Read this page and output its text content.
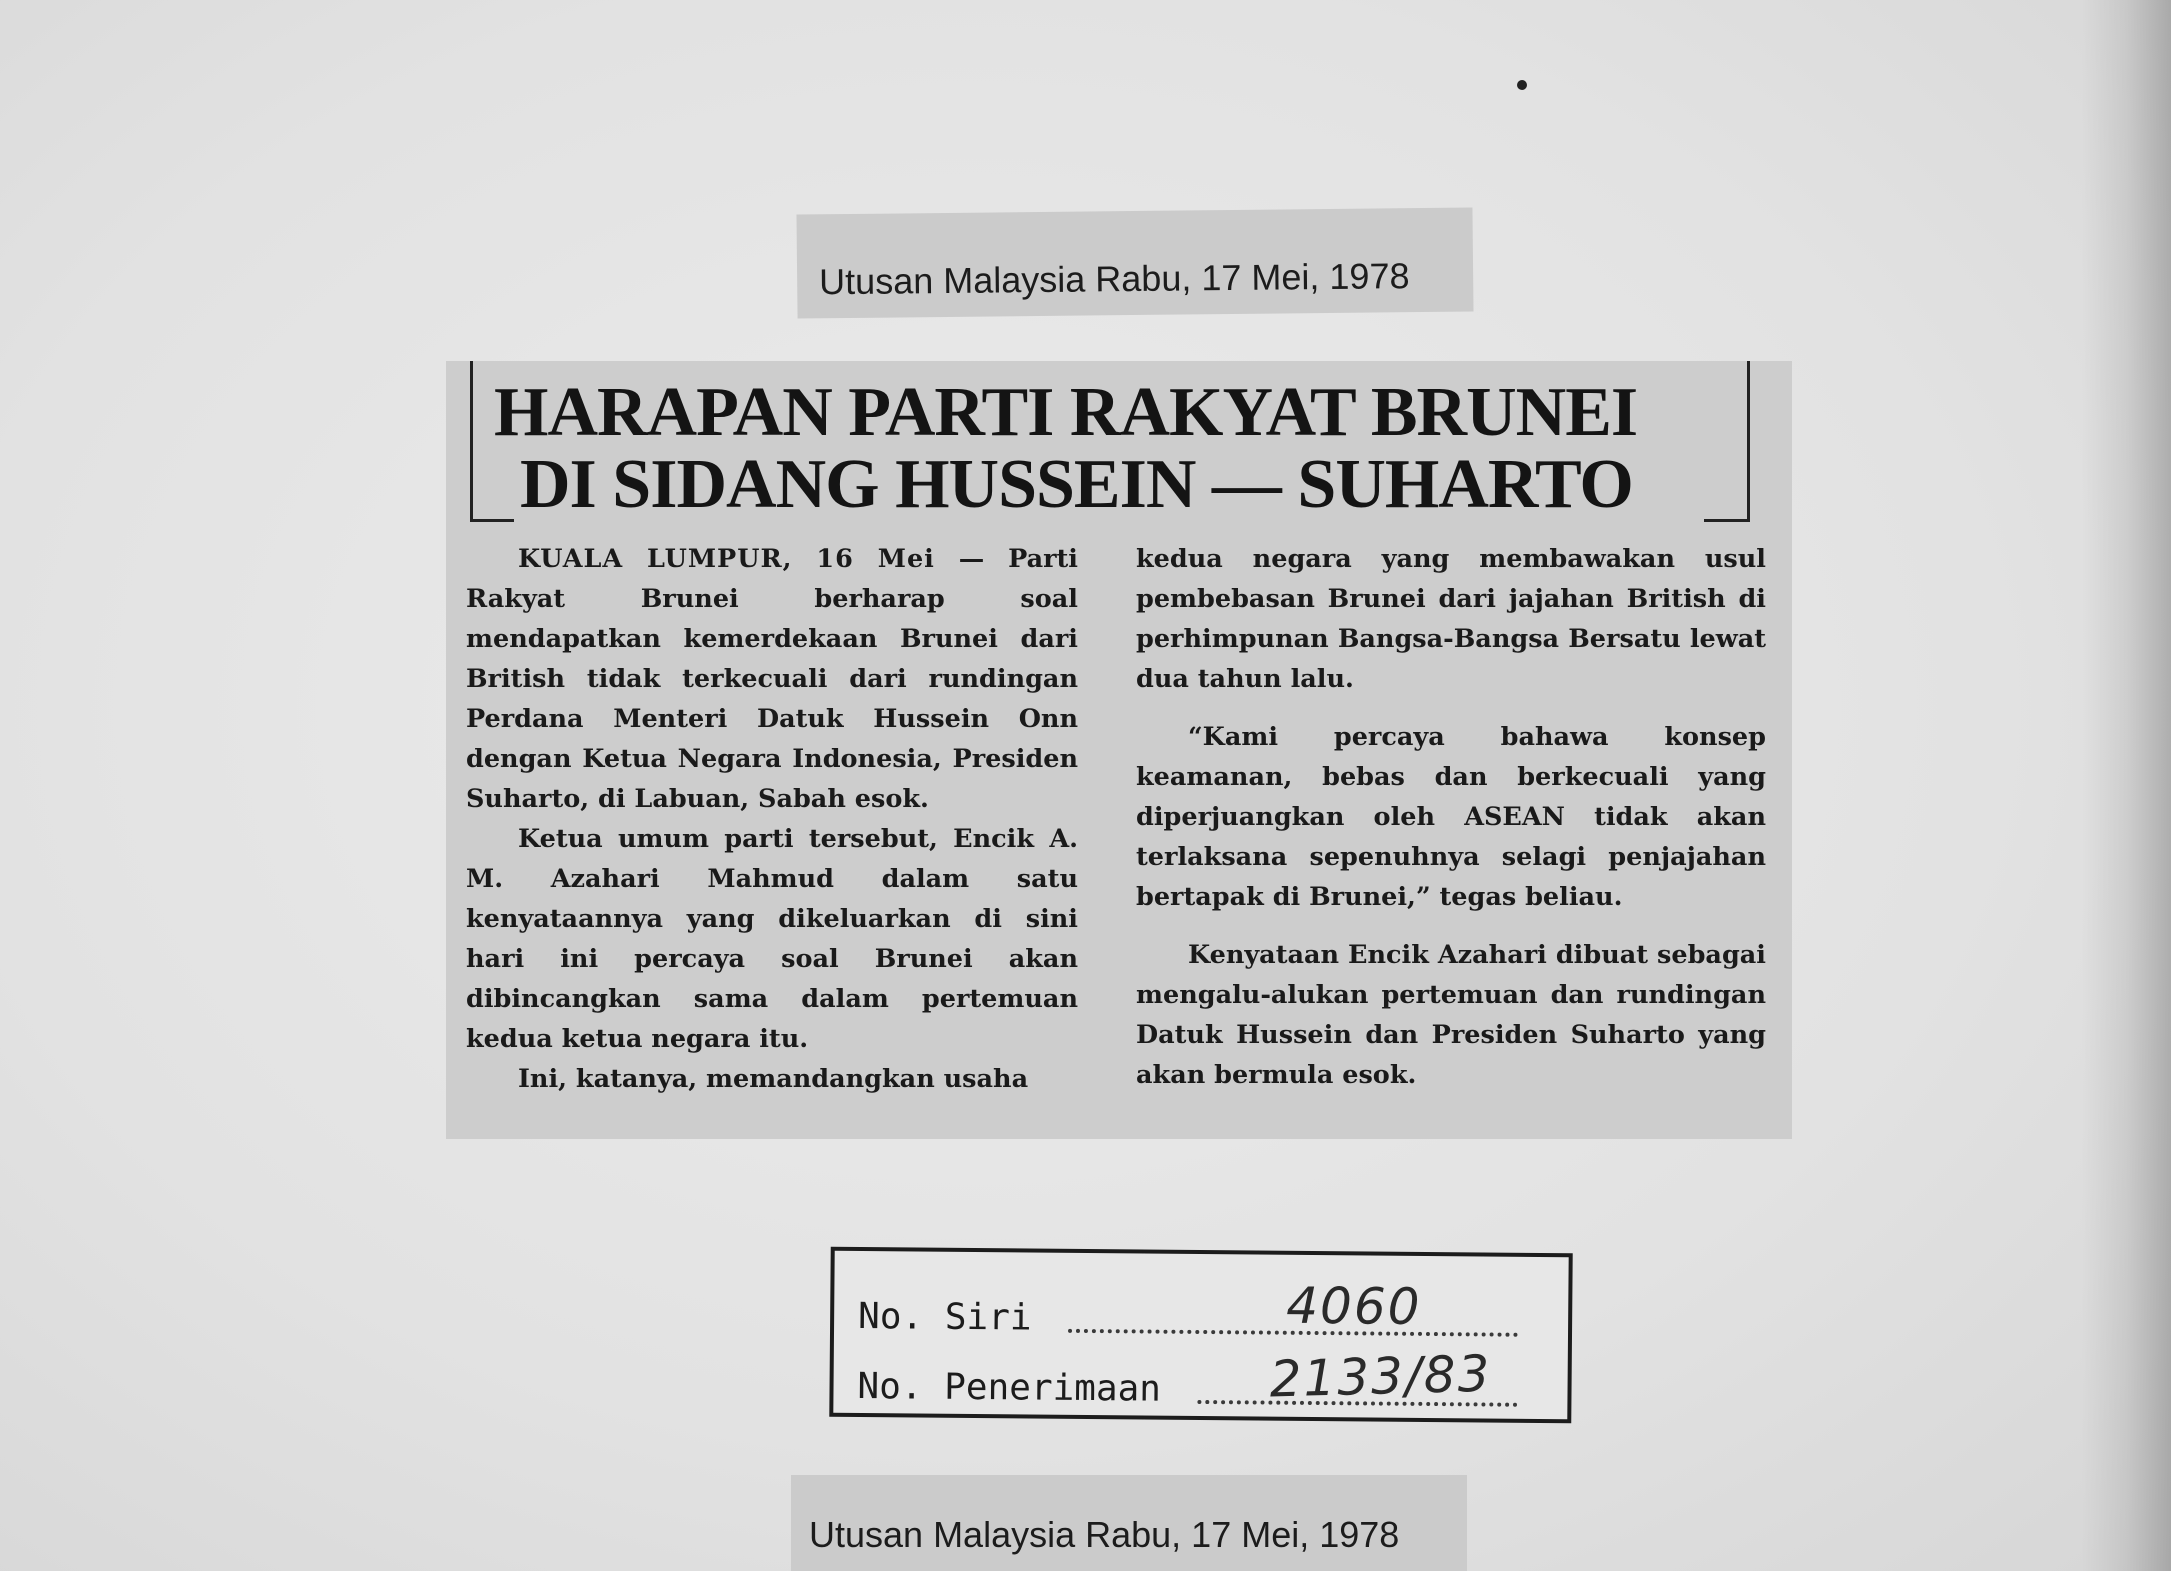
Utusan Malaysia Rabu, 17 Mei, 1978
HARAPAN PARTI RAKYAT BRUNEI
DI SIDANG HUSSEIN — SUHARTO

KUALA LUMPUR, 16 Mei — Parti Rakyat Brunei berharap soal mendapatkan kemerdekaan Brunei dari British tidak terkecuali dari rundingan Perdana Menteri Datuk Hussein Onn dengan Ketua Negara Indonesia, Presiden Suharto, di Labuan, Sabah esok.

Ketua umum parti tersebut, Encik A. M. Azahari Mahmud dalam satu kenyataannya yang dikeluarkan di sini hari ini percaya soal Brunei akan dibincangkan sama dalam pertemuan kedua ketua negara itu.

Ini, katanya, memandangkan usaha

kedua negara yang membawakan usul pembebasan Brunei dari jajahan British di perhimpunan Bangsa-Bangsa Bersatu lewat dua tahun lalu.

“Kami percaya bahawa konsep keamanan, bebas dan berkecuali yang diperjuangkan oleh ASEAN tidak akan terlaksana sepenuhnya selagi penjajahan bertapak di Brunei,” tegas beliau.

Kenyataan Encik Azahari dibuat sebagai mengalu-alukan pertemuan dan rundingan Datuk Hussein dan Presiden Suharto yang akan bermula esok.

No. Siri	4060
No. Penerimaan 2133/83
Utusan Malaysia Rabu, 17 Mei, 1978
